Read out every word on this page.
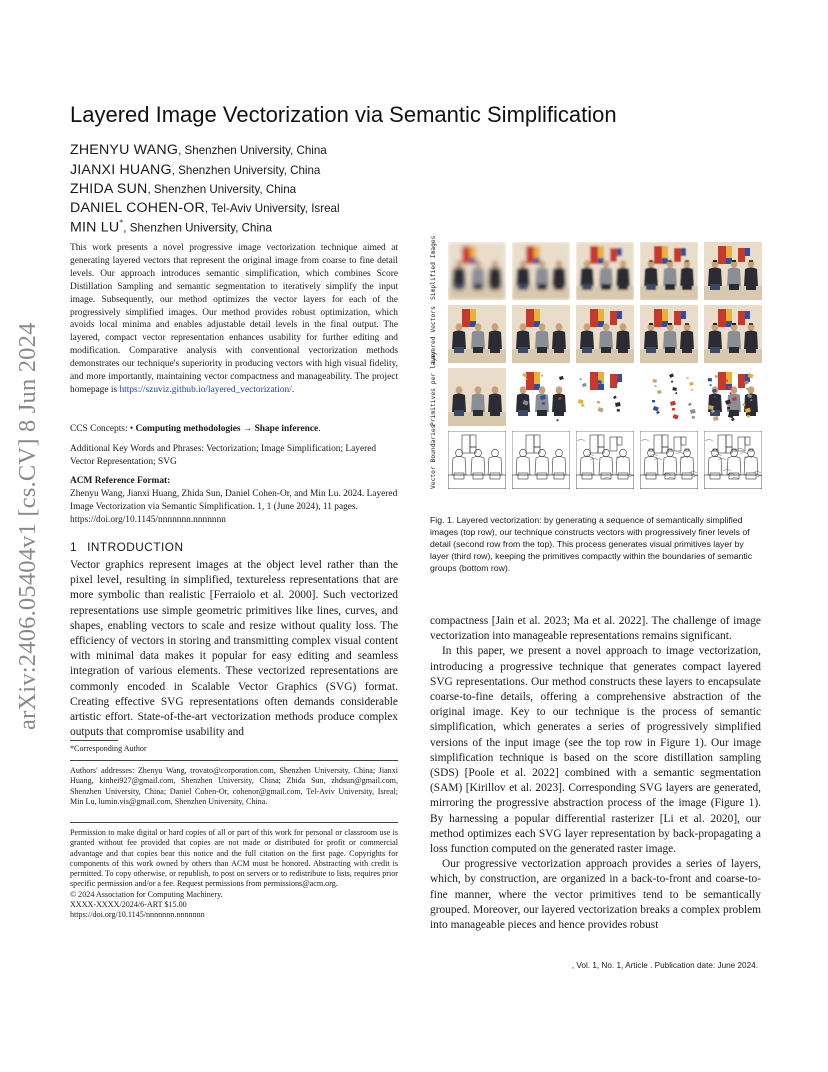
arXiv:2406.05404v1 [cs.CV] 8 Jun 2024
Layered Image Vectorization via Semantic Simplification
ZHENYU WANG, Shenzhen University, China
JIANXI HUANG, Shenzhen University, China
ZHIDA SUN, Shenzhen University, China
DANIEL COHEN-OR, Tel-Aviv University, Isreal
MIN LU*, Shenzhen University, China

This work presents a novel progressive image vectorization technique aimed at generating layered vectors that represent the original image from coarse to fine detail levels. Our approach introduces semantic simplification, which combines Score Distillation Sampling and semantic segmentation to iteratively simplify the input image. Subsequently, our method optimizes the vector layers for each of the progressively simplified images. Our method provides robust optimization, which avoids local minima and enables adjustable detail levels in the final output. The layered, compact vector representation enhances usability for further editing and modification. Comparative analysis with conventional vectorization methods demonstrates our technique's superiority in producing vectors with high visual fidelity, and more importantly, maintaining vector compactness and manageability. The project homepage is https://szuviz.github.io/layered_vectorization/.

CCS Concepts: • Computing methodologies → Shape inference.

Additional Key Words and Phrases: Vectorization; Image Simplification; Layered Vector Representation; SVG

ACM Reference Format:

Zhenyu Wang, Jianxi Huang, Zhida Sun, Daniel Cohen-Or, and Min Lu. 2024. Layered Image Vectorization via Semantic Simplification. 1, 1 (June 2024), 11 pages. https://doi.org/10.1145/nnnnnnn.nnnnnnn

1 INTRODUCTION
Vector graphics represent images at the object level rather than the pixel level, resulting in simplified, textureless representations that are more symbolic than realistic [Ferraiolo et al. 2000]. Such vectorized representations use simple geometric primitives like lines, curves, and shapes, enabling vectors to scale and resize without quality loss. The efficiency of vectors in storing and transmitting complex visual content with minimal data makes it popular for easy editing and seamless integration of various elements. These vectorized representations are commonly encoded in Scalable Vector Graphics (SVG) format. Creating effective SVG representations often demands considerable artistic effort. State-of-the-art vectorization methods produce complex outputs that compromise usability and
*Corresponding Author
Authors' addresses: Zhenyu Wang, trovato@corporation.com, Shenzhen University, China; Jianxi Huang, kinhei927@gmail.com, Shenzhen University, China; Zhida Sun, zhdsun@gmail.com, Shenzhen University, China; Daniel Cohen-Or, cohenor@gmail.com, Tel-Aviv University, Isreal; Min Lu, lumin.vis@gmail.com, Shenzhen University, China.

Permission to make digital or hard copies of all or part of this work for personal or classroom use is granted without fee provided that copies are not made or distributed for profit or commercial advantage and that copies bear this notice and the full citation on the first page. Copyrights for components of this work owned by others than ACM must be honored. Abstracting with credit is permitted. To copy otherwise, or republish, to post on servers or to redistribute to lists, requires prior specific permission and/or a fee. Request permissions from permissions@acm.org.

© 2024 Association for Computing Machinery.

XXXX-XXXX/2024/6-ART $15.00

https://doi.org/10.1145/nnnnnnn.nnnnnnn

Simplified Images
Layered Vectors
Primitives per layer
Vector Boundaries
Fig. 1. Layered vectorization: by generating a sequence of semantically simplified images (top row), our technique constructs vectors with progressively finer levels of detail (second row from the top). This process generates visual primitives layer by layer (third row), keeping the primitives compactly within the boundaries of semantic groups (bottom row).

compactness [Jain et al. 2023; Ma et al. 2022]. The challenge of image vectorization into manageable representations remains significant.

In this paper, we present a novel approach to image vectorization, introducing a progressive technique that generates compact layered SVG representations. Our method constructs these layers to encapsulate coarse-to-fine details, offering a comprehensive abstraction of the original image. Key to our technique is the process of semantic simplification, which generates a series of progressively simplified versions of the input image (see the top row in Figure 1). Our image simplification technique is based on the score distillation sampling (SDS) [Poole et al. 2022] combined with a semantic segmentation (SAM) [Kirillov et al. 2023]. Corresponding SVG layers are generated, mirroring the progressive abstraction process of the image (Figure 1). By harnessing a popular differential rasterizer [Li et al. 2020], our method optimizes each SVG layer representation by back-propagating a loss function computed on the generated raster image.

Our progressive vectorization approach provides a series of layers, which, by construction, are organized in a back-to-front and coarse-to-fine manner, where the vector primitives tend to be semantically grouped. Moreover, our layered vectorization breaks a complex problem into manageable pieces and hence provides robust

, Vol. 1, No. 1, Article . Publication date: June 2024.
